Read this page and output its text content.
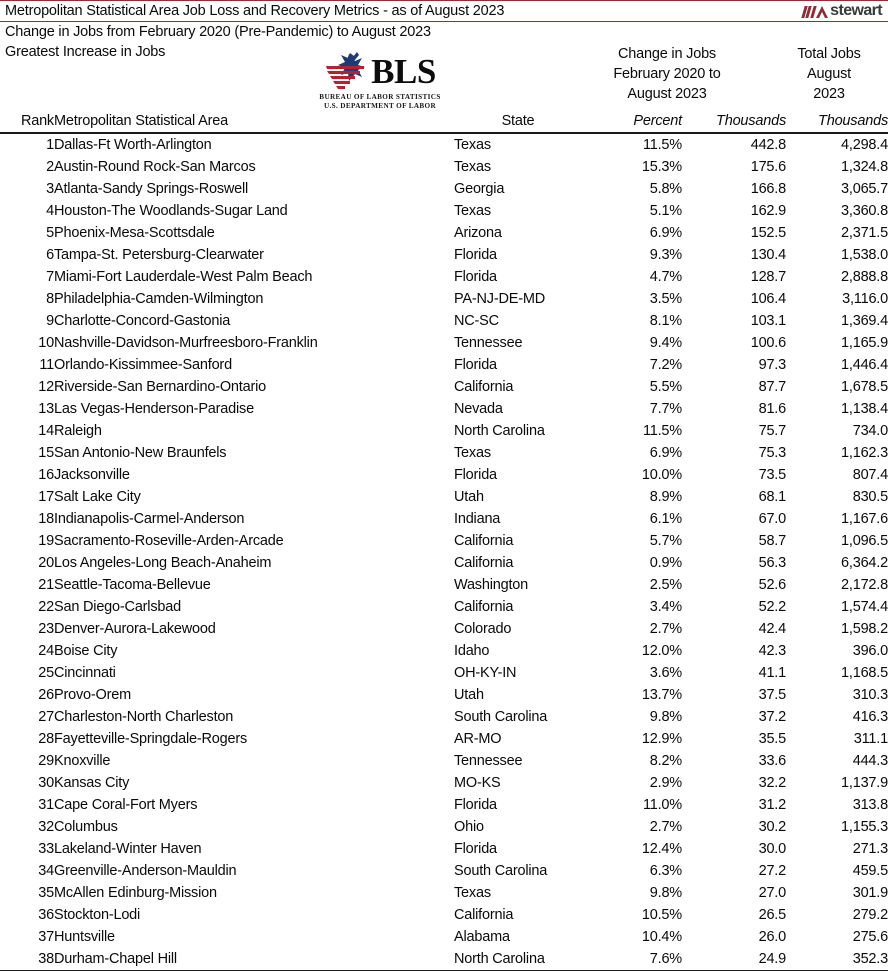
Metropolitan Statistical Area Job Loss and Recovery Metrics - as of August 2023	stewart
Change in Jobs from February 2020 (Pre-Pandemic) to August 2023
Greatest Increase in Jobs	BLS
BUREAU OF LABOR STATISTICS
U.S. DEPARTMENT OF LABOR
Change in Jobs
February 2020 to
August 2023
Total Jobs
August
2023
Rank	Metropolitan Statistical Area	State	Percent	Thousands	Thousands
1	Dallas-Ft Worth-Arlington	Texas	11.5%	442.8	4,298.4
2	Austin-Round Rock-San Marcos	Texas	15.3%	175.6	1,324.8
3	Atlanta-Sandy Springs-Roswell	Georgia	5.8%	166.8	3,065.7
4	Houston-The Woodlands-Sugar Land	Texas	5.1%	162.9	3,360.8
5	Phoenix-Mesa-Scottsdale	Arizona	6.9%	152.5	2,371.5
6	Tampa-St. Petersburg-Clearwater	Florida	9.3%	130.4	1,538.0
7	Miami-Fort Lauderdale-West Palm Beach	Florida	4.7%	128.7	2,888.8
8	Philadelphia-Camden-Wilmington	PA-NJ-DE-MD	3.5%	106.4	3,116.0
9	Charlotte-Concord-Gastonia	NC-SC	8.1%	103.1	1,369.4
10	Nashville-Davidson-Murfreesboro-Franklin	Tennessee	9.4%	100.6	1,165.9
11	Orlando-Kissimmee-Sanford	Florida	7.2%	97.3	1,446.4
12	Riverside-San Bernardino-Ontario	California	5.5%	87.7	1,678.5
13	Las Vegas-Henderson-Paradise	Nevada	7.7%	81.6	1,138.4
14	Raleigh	North Carolina	11.5%	75.7	734.0
15	San Antonio-New Braunfels	Texas	6.9%	75.3	1,162.3
16	Jacksonville	Florida	10.0%	73.5	807.4
17	Salt Lake City	Utah	8.9%	68.1	830.5
18	Indianapolis-Carmel-Anderson	Indiana	6.1%	67.0	1,167.6
19	Sacramento-Roseville-Arden-Arcade	California	5.7%	58.7	1,096.5
20	Los Angeles-Long Beach-Anaheim	California	0.9%	56.3	6,364.2
21	Seattle-Tacoma-Bellevue	Washington	2.5%	52.6	2,172.8
22	San Diego-Carlsbad	California	3.4%	52.2	1,574.4
23	Denver-Aurora-Lakewood	Colorado	2.7%	42.4	1,598.2
24	Boise City	Idaho	12.0%	42.3	396.0
25	Cincinnati	OH-KY-IN	3.6%	41.1	1,168.5
26	Provo-Orem	Utah	13.7%	37.5	310.3
27	Charleston-North Charleston	South Carolina	9.8%	37.2	416.3
28	Fayetteville-Springdale-Rogers	AR-MO	12.9%	35.5	311.1
29	Knoxville	Tennessee	8.2%	33.6	444.3
30	Kansas City	MO-KS	2.9%	32.2	1,137.9
31	Cape Coral-Fort Myers	Florida	11.0%	31.2	313.8
32	Columbus	Ohio	2.7%	30.2	1,155.3
33	Lakeland-Winter Haven	Florida	12.4%	30.0	271.3
34	Greenville-Anderson-Mauldin	South Carolina	6.3%	27.2	459.5
35	McAllen Edinburg-Mission	Texas	9.8%	27.0	301.9
36	Stockton-Lodi	California	10.5%	26.5	279.2
37	Huntsville	Alabama	10.4%	26.0	275.6
38	Durham-Chapel Hill	North Carolina	7.6%	24.9	352.3
